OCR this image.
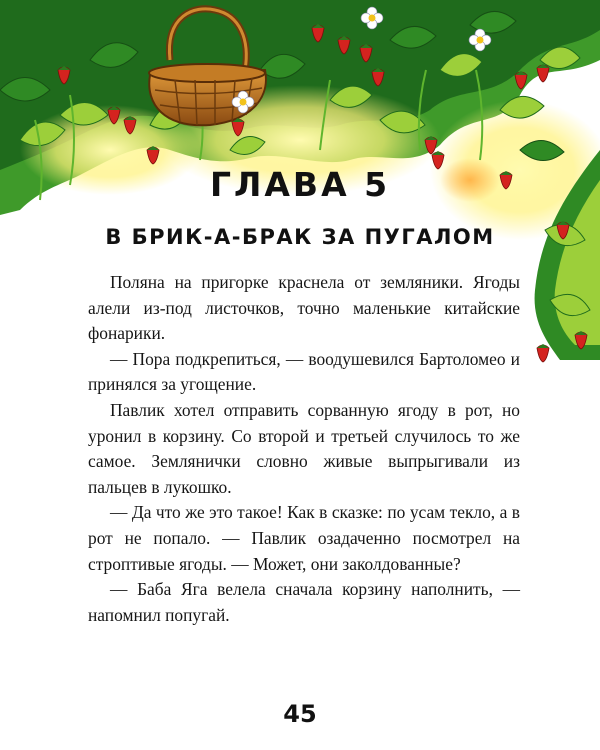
ГЛАВА 5
В БРИК-А-БРАК ЗА ПУГАЛОМ

Поляна на пригорке краснела от земляники. Ягоды алели из-под листочков, точно маленькие китайские фонарики.

— Пора подкрепиться, — воодушевился Бартоломео и принялся за угощение.

Павлик хотел отправить сорванную ягоду в рот, но уронил в корзину. Со второй и третьей случилось то же самое. Землянички словно живые выпрыгивали из пальцев в лукошко.

— Да что же это такое! Как в сказке: по усам текло, а в рот не попало. — Павлик озадаченно посмотрел на строптивые ягоды. — Может, они заколдованные?

— Баба Яга велела сначала корзину наполнить, — напомнил попугай.

45
